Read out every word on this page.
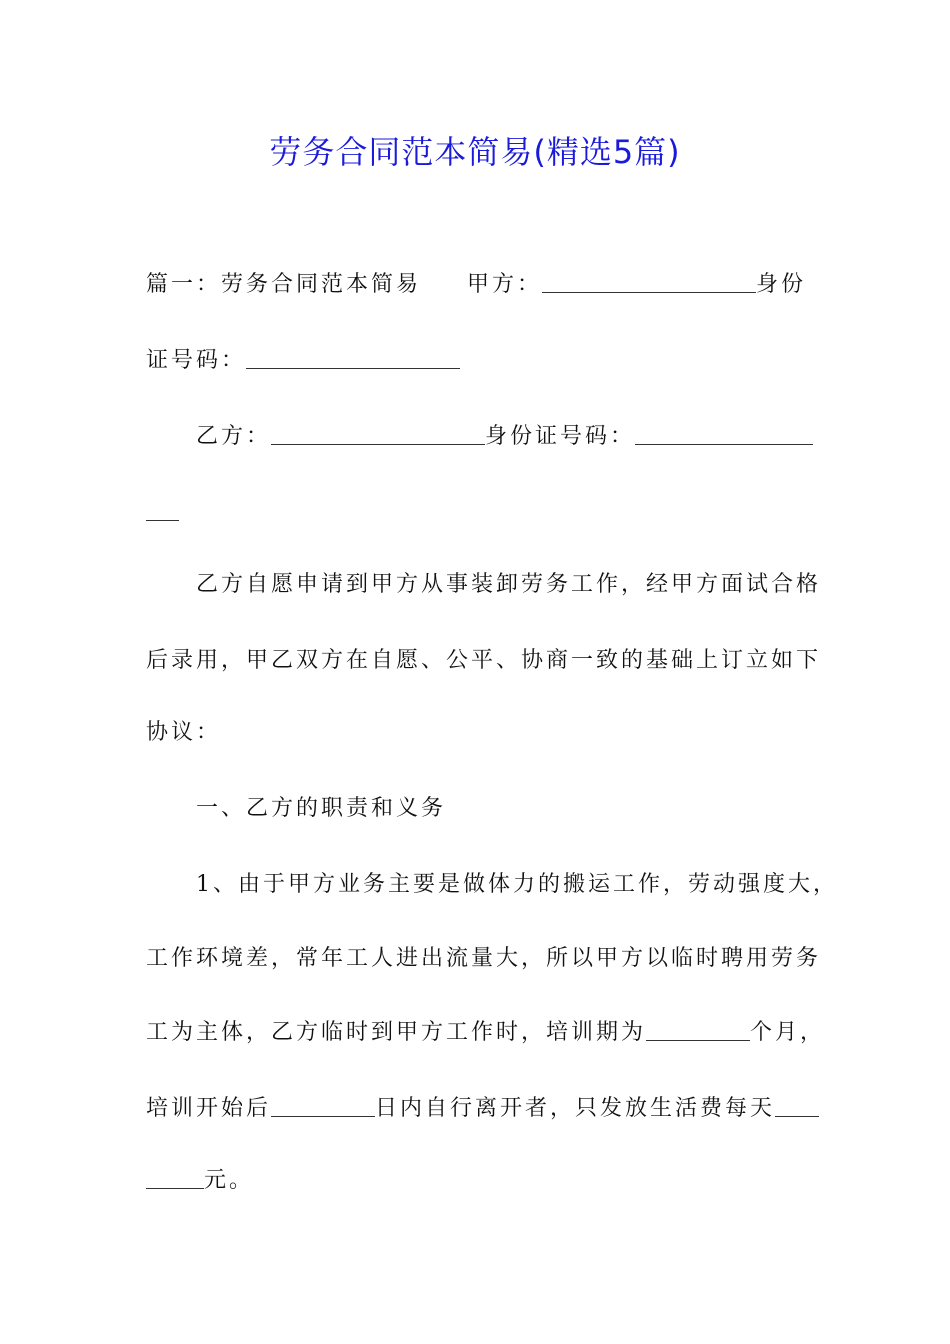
劳务合同范本简易(精选5篇)
篇一：劳务合同范本简易 甲方：	身份
证号码：
乙方：	身份证号码：
乙方自愿申请到甲方从事装卸劳务工作，经甲方面试合格
后录用，甲乙双方在自愿、公平、协商一致的基础上订立如下
协议：
一、乙方的职责和义务
1、由于甲方业务主要是做体力的搬运工作，劳动强度大，
工作环境差，常年工人进出流量大，所以甲方以临时聘用劳务
工为主体，乙方临时到甲方工作时，培训期为	个月，
培训开始后	日内自行离开者，只发放生活费每天
元。
